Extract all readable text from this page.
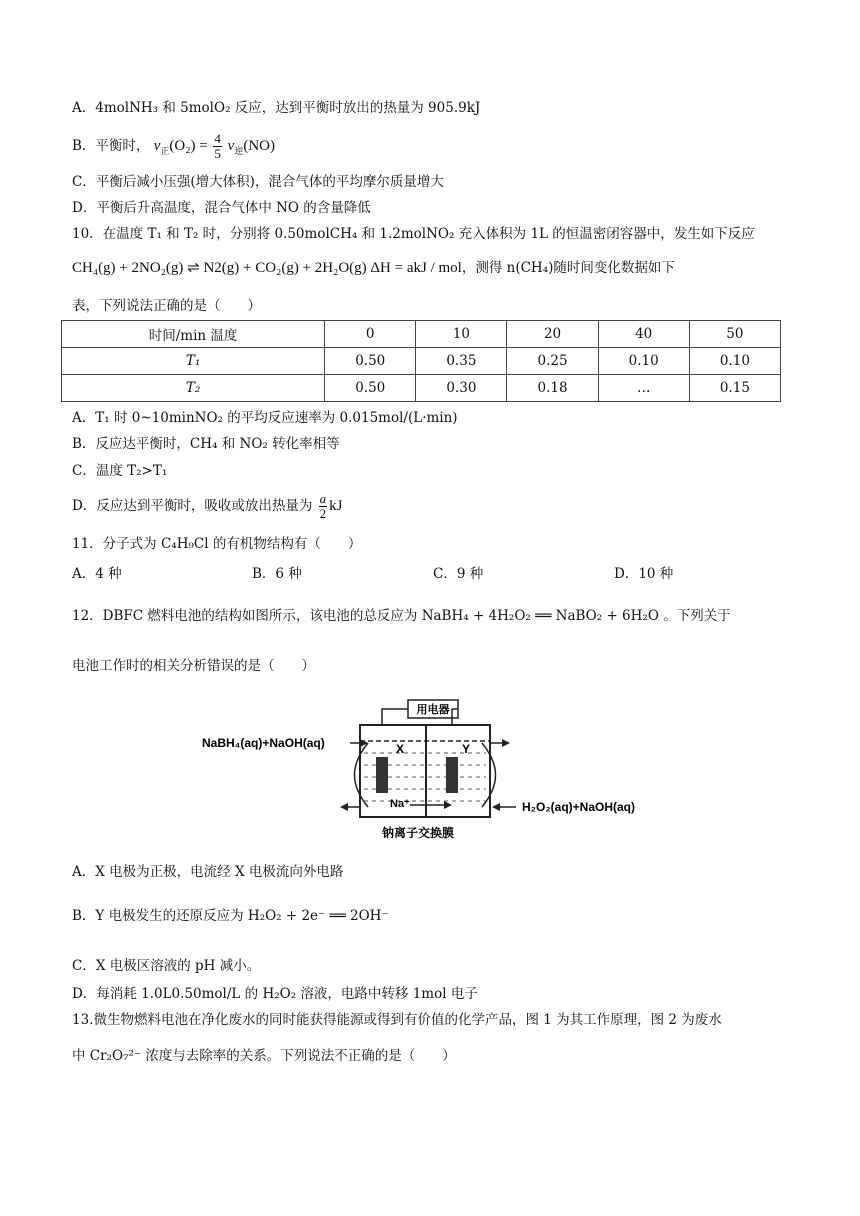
A．4molNH₃ 和 5molO₂ 反应，达到平衡时放出的热量为 905.9kJ
B．平衡时， $v_正(O_2) = \frac{4}{5} v_逆(NO)$
C．平衡后减小压强(增大体积)，混合气体的平均摩尔质量增大
D．平衡后升高温度，混合气体中 NO 的含量降低
10．在温度 T₁ 和 T₂ 时，分别将 0.50molCH₄ 和 1.2molNO₂ 充入体积为 1L 的恒温密闭容器中，发生如下反应
CH₄(g) + 2NO₂(g) ⇌ N2(g) + CO₂(g) + 2H₂O(g) ΔH = akJ / mol，测得 n(CH₄)随时间变化数据如下
表，下列说法正确的是（　　）
时间/min 温度	0	10	20	40	50
T₁	0.50	0.35	0.25	0.10	0.10
T₂	0.50	0.30	0.18	…	0.15
A．T₁ 时 0~10minNO₂ 的平均反应速率为 0.015mol/(L·min)
B．反应达平衡时，CH₄ 和 NO₂ 转化率相等
C．温度 T₂>T₁
D．反应达到平衡时，吸收或放出热量为 $\frac{a}{2}$ kJ
11．分子式为 C₄H₉Cl 的有机物结构有（　　）
A．4 种	B．6 种	C．9 种	D．10 种
12．DBFC 燃料电池的结构如图所示，该电池的总反应为 NaBH₄ + 4H₂O₂ ══ NaBO₂ + 6H₂O 。下列关于
电池工作时的相关分析错误的是（　　）
用电器
X	Y
Na⁺
NaBH₄(aq)+NaOH(aq)
H₂O₂(aq)+NaOH(aq)
钠离子交换膜
A．X 电极为正极，电流经 X 电极流向外电路
B．Y 电极发生的还原反应为 H₂O₂ + 2e⁻ ══ 2OH⁻
C．X 电极区溶液的 pH 减小。
D．每消耗 1.0L0.50mol/L 的 H₂O₂ 溶液，电路中转移 1mol 电子
13.微生物燃料电池在净化废水的同时能获得能源或得到有价值的化学产品，图 1 为其工作原理，图 2 为废水
中 Cr₂O₇²⁻ 浓度与去除率的关系。下列说法不正确的是（　　）
